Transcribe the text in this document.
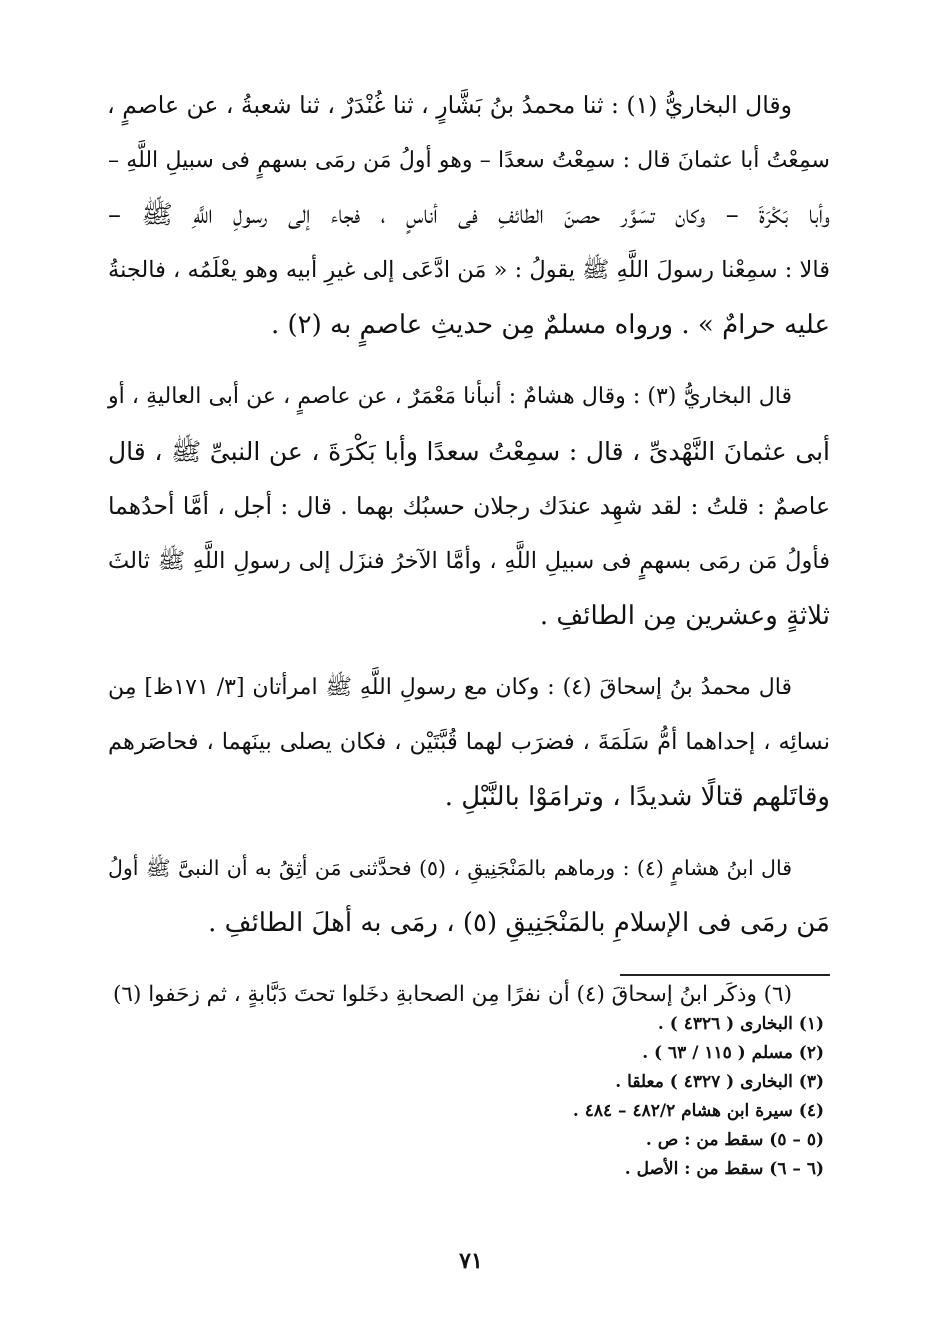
وقال البخاريُّ (١) : ثنا محمدُ بنُ بَشَّارٍ ، ثنا غُنْدَرٌ ، ثنا شعبةُ ، عن عاصمٍ ،
سمِعْتُ أبا عثمانَ قال : سمِعْتُ سعدًا – وهو أولُ مَن رمَى بسهمٍ فى سبيلِ اللَّهِ –
وأبا بَكْرَةَ – وكان تسَوَّر حصنَ الطائفِ فى أناسٍ ، فجاء إلى رسولِ اللَّهِ ﷺ –
قالا : سمِعْنا رسولَ اللَّهِ ﷺ يقولُ : « مَن ادَّعَى إلى غيرِ أبيه وهو يعْلَمُه ، فالجنةُ
عليه حرامٌ » . ورواه مسلمٌ مِن حديثِ عاصمٍ به (٢) .
قال البخاريُّ (٣) : وقال هشامٌ : أنبأنا مَعْمَرٌ ، عن عاصمٍ ، عن أبى العاليةِ ، أو
أبى عثمانَ النَّهْدىِّ ، قال : سمِعْتُ سعدًا وأبا بَكْرَةَ ، عن النبىِّ ﷺ ، قال
عاصمٌ : قلتُ : لقد شهِد عندَك رجلان حسبُك بهما . قال : أجل ، أمَّا أحدُهما
فأولُ مَن رمَى بسهمٍ فى سبيلِ اللَّهِ ، وأمَّا الآخرُ فنزَل إلى رسولِ اللَّهِ ﷺ ثالثَ
ثلاثةٍ وعشرين مِن الطائفِ .
قال محمدُ بنُ إسحاقَ (٤) : وكان مع رسولِ اللَّهِ ﷺ امرأتان [٣/ ١٧١ظ] مِن
نسائِه ، إحداهما أمُّ سَلَمَةَ ، فضرَب لهما قُبَّتَيْن ، فكان يصلى بينَهما ، فحاصَرهم
وقاتَلهم قتالًا شديدًا ، وترامَوْا بالنَّبْلِ .
قال ابنُ هشامٍ (٤) : ورماهم بالمَنْجَنِيقِ ، (٥) فحدَّثنى مَن أثِقُ به أن النبىَّ ﷺ أولُ
مَن رمَى فى الإسلامِ بالمَنْجَنِيقِ (٥) ، رمَى به أهلَ الطائفِ .
(٦) وذكَر ابنُ إسحاقَ (٤) أن نفرًا مِن الصحابةِ دخَلوا تحتَ دَبَّابةٍ ، ثم زحَفوا (٦)
(١) البخارى ( ٤٣٢٦ ) .
(٢) مسلم ( ١١٥ / ٦٣ ) .
(٣) البخارى ( ٤٣٢٧ ) معلقا .
(٤) سيرة ابن هشام ٤٨٢/٢ – ٤٨٤ .
(٥ – ٥) سقط من : ص .
(٦ – ٦) سقط من : الأصل .
٧١
